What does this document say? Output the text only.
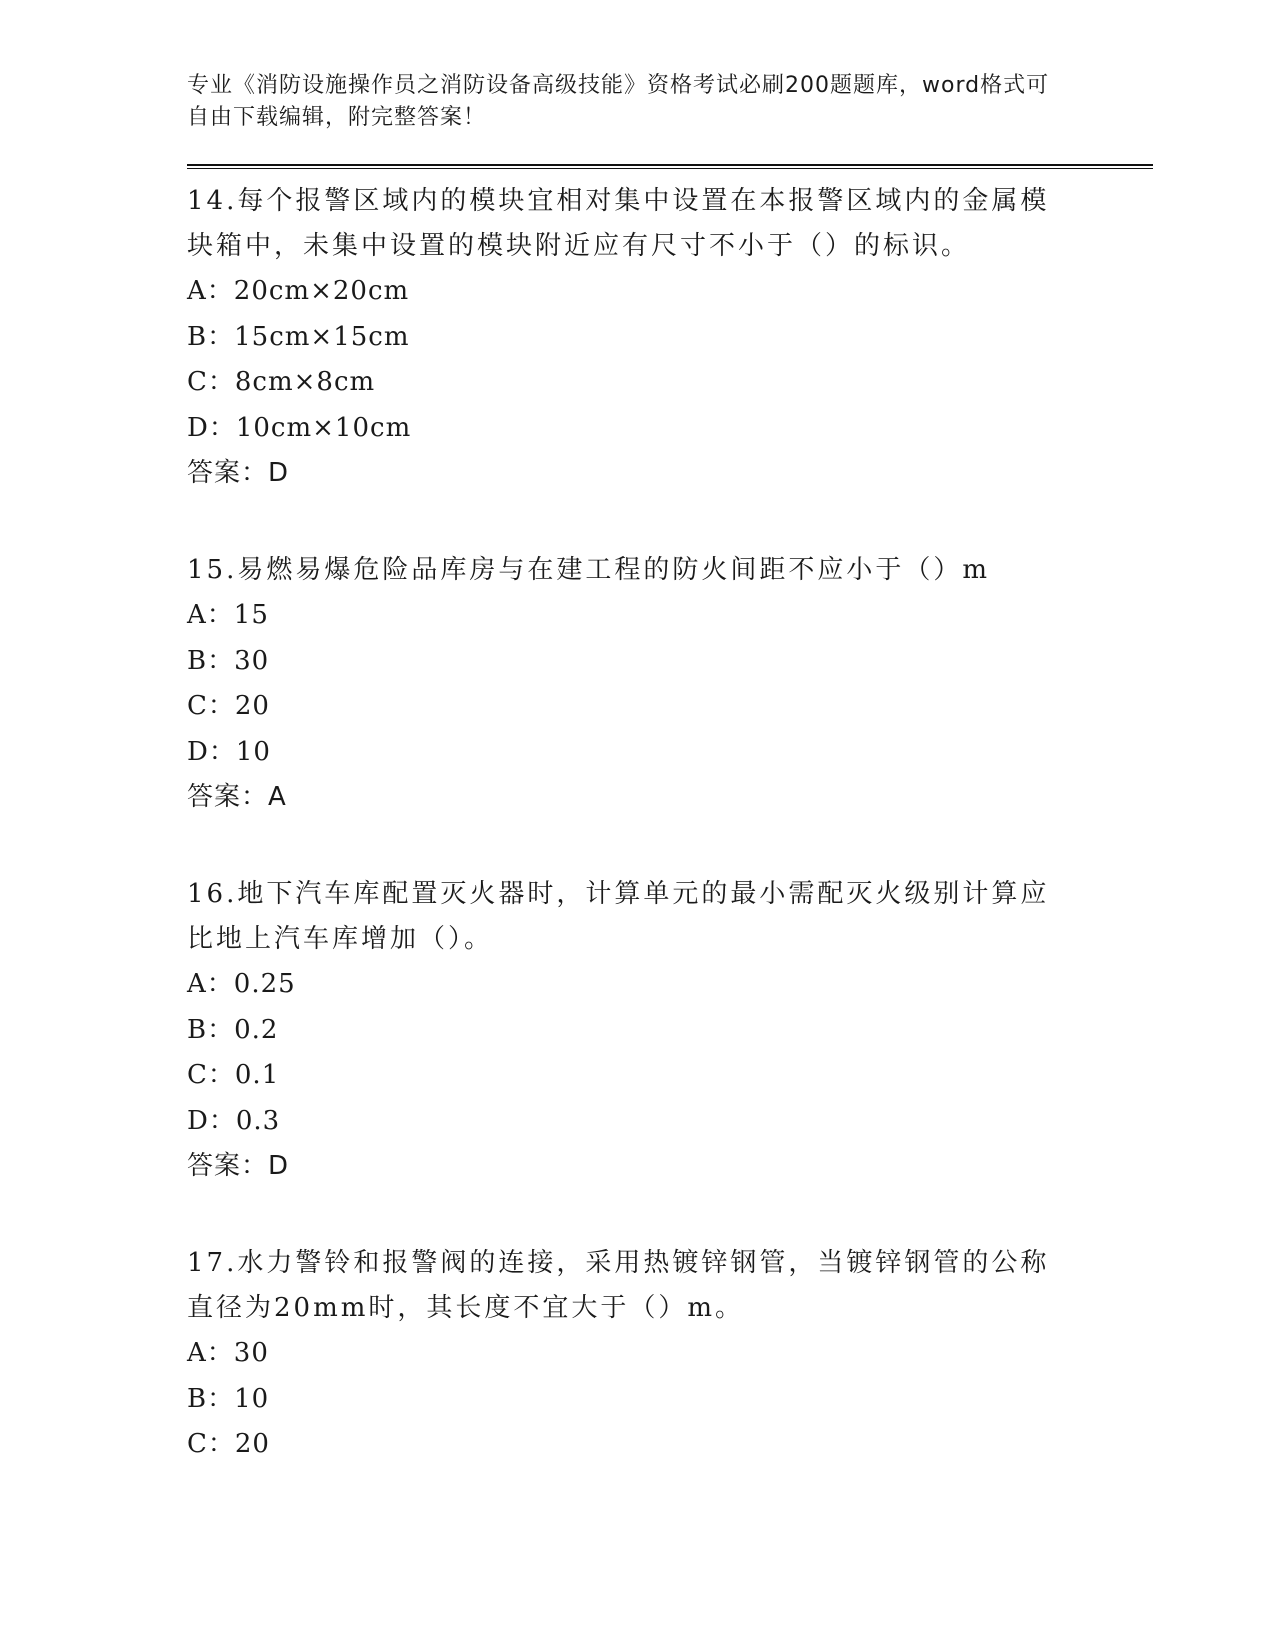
专业《消防设施操作员之消防设备高级技能》资格考试必刷200题题库，word格式可自由下载编辑，附完整答案！

14.每个报警区域内的模块宜相对集中设置在本报警区域内的金属模块箱中，未集中设置的模块附近应有尺寸不小于（）的标识。

A：20cm×20cm
B：15cm×15cm
C：8cm×8cm
D：10cm×10cm
答案：D

15.易燃易爆危险品库房与在建工程的防火间距不应小于（）m

A：15
B：30
C：20
D：10
答案：A

16.地下汽车库配置灭火器时，计算单元的最小需配灭火级别计算应比地上汽车库增加（）。

A：0.25
B：0.2
C：0.1
D：0.3
答案：D

17.水力警铃和报警阀的连接，采用热镀锌钢管，当镀锌钢管的公称直径为20mm时，其长度不宜大于（）m。

A：30
B：10
C：20
